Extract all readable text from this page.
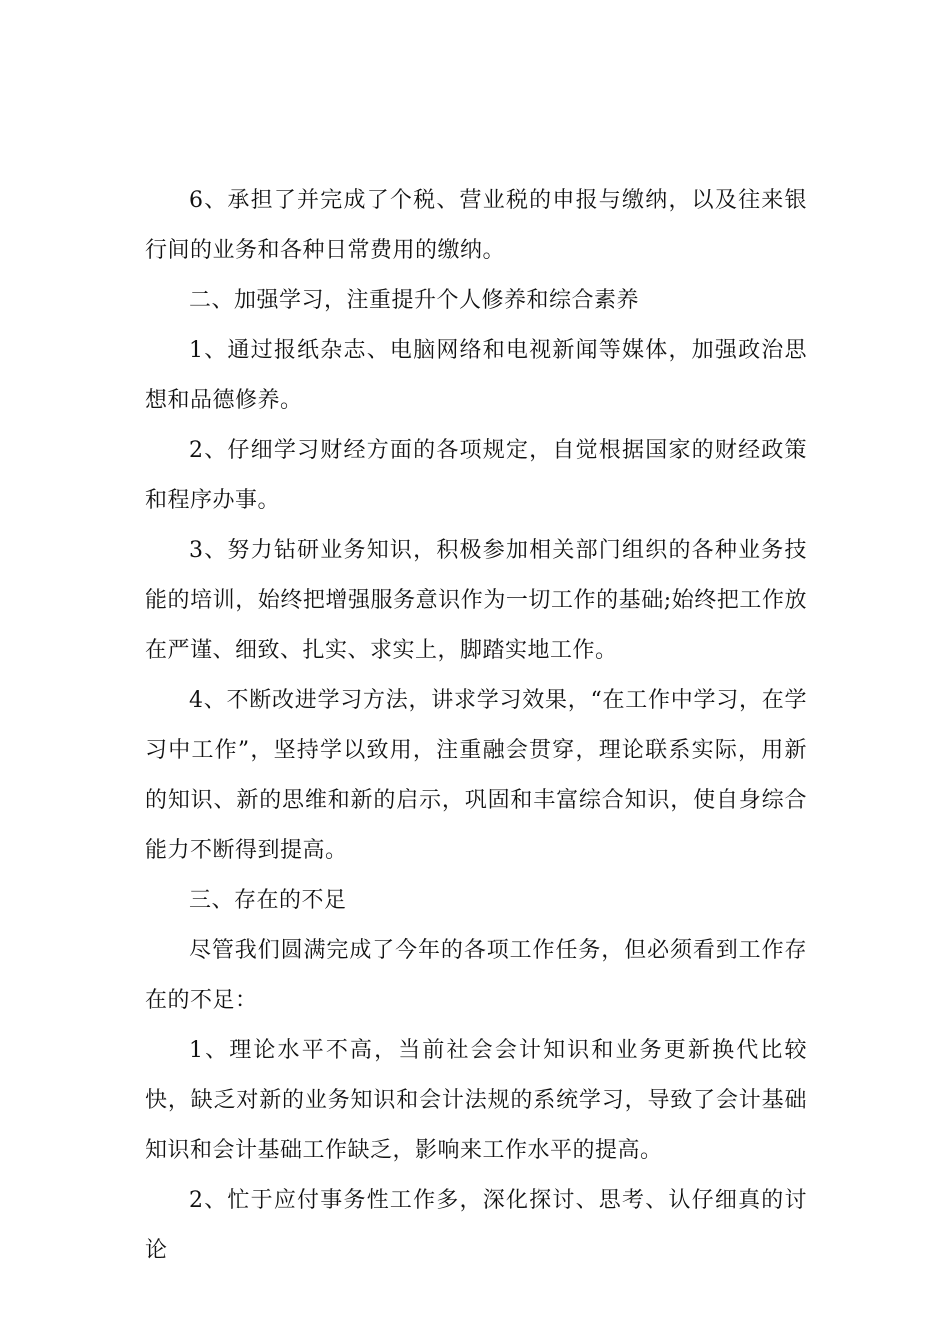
6、承担了并完成了个税、营业税的申报与缴纳，以及往来银行间的业务和各种日常费用的缴纳。

二、加强学习，注重提升个人修养和综合素养

1、通过报纸杂志、电脑网络和电视新闻等媒体，加强政治思想和品德修养。

2、仔细学习财经方面的各项规定，自觉根据国家的财经政策和程序办事。

3、努力钻研业务知识，积极参加相关部门组织的各种业务技能的培训，始终把增强服务意识作为一切工作的基础;始终把工作放在严谨、细致、扎实、求实上，脚踏实地工作。

4、不断改进学习方法，讲求学习效果，“在工作中学习，在学习中工作”，坚持学以致用，注重融会贯穿，理论联系实际，用新的知识、新的思维和新的启示，巩固和丰富综合知识，使自身综合能力不断得到提高。

三、存在的不足

尽管我们圆满完成了今年的各项工作任务，但必须看到工作存在的不足：

1、理论水平不高，当前社会会计知识和业务更新换代比较快，缺乏对新的业务知识和会计法规的系统学习，导致了会计基础知识和会计基础工作缺乏，影响来工作水平的提高。

2、忙于应付事务性工作多，深化探讨、思考、认仔细真的讨论
